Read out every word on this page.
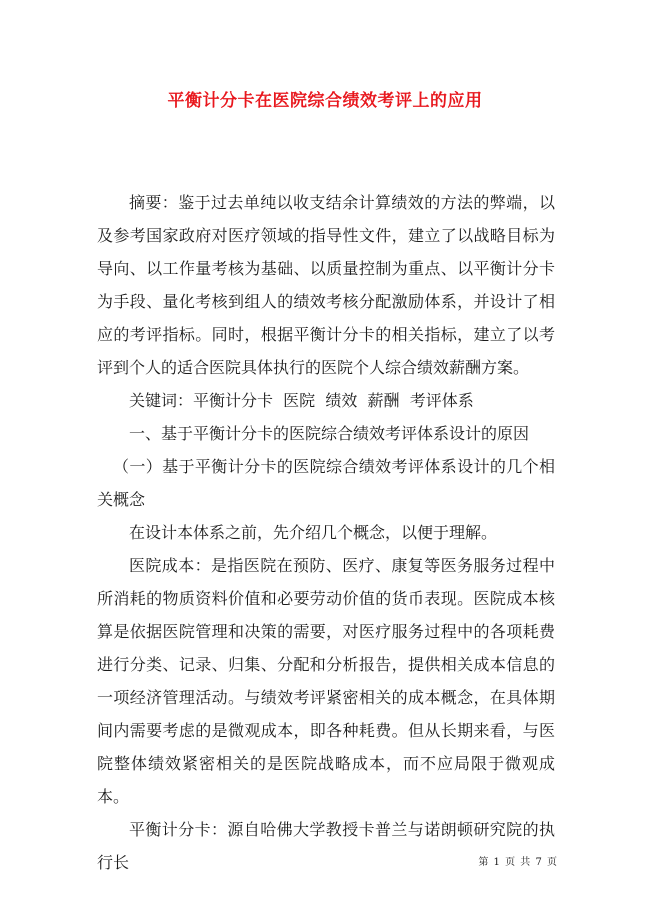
平衡计分卡在医院综合绩效考评上的应用

摘要：鉴于过去单纯以收支结余计算绩效的方法的弊端，以及参考国家政府对医疗领域的指导性文件，建立了以战略目标为导向、以工作量考核为基础、以质量控制为重点、以平衡计分卡为手段、量化考核到组人的绩效考核分配激励体系，并设计了相应的考评指标。同时，根据平衡计分卡的相关指标，建立了以考评到个人的适合医院具体执行的医院个人综合绩效薪酬方案。

关键词：平衡计分卡  医院  绩效  薪酬  考评体系

一、基于平衡计分卡的医院综合绩效考评体系设计的原因

（一）基于平衡计分卡的医院综合绩效考评体系设计的几个相关概念

在设计本体系之前，先介绍几个概念，以便于理解。

医院成本：是指医院在预防、医疗、康复等医务服务过程中所消耗的物质资料价值和必要劳动价值的货币表现。医院成本核算是依据医院管理和决策的需要，对医疗服务过程中的各项耗费进行分类、记录、归集、分配和分析报告，提供相关成本信息的一项经济管理活动。与绩效考评紧密相关的成本概念，在具体期间内需要考虑的是微观成本，即各种耗费。但从长期来看，与医院整体绩效紧密相关的是医院战略成本，而不应局限于微观成本。

平衡计分卡：源自哈佛大学教授卡普兰与诺朗顿研究院的执行长	第 1 页 共 7 页
